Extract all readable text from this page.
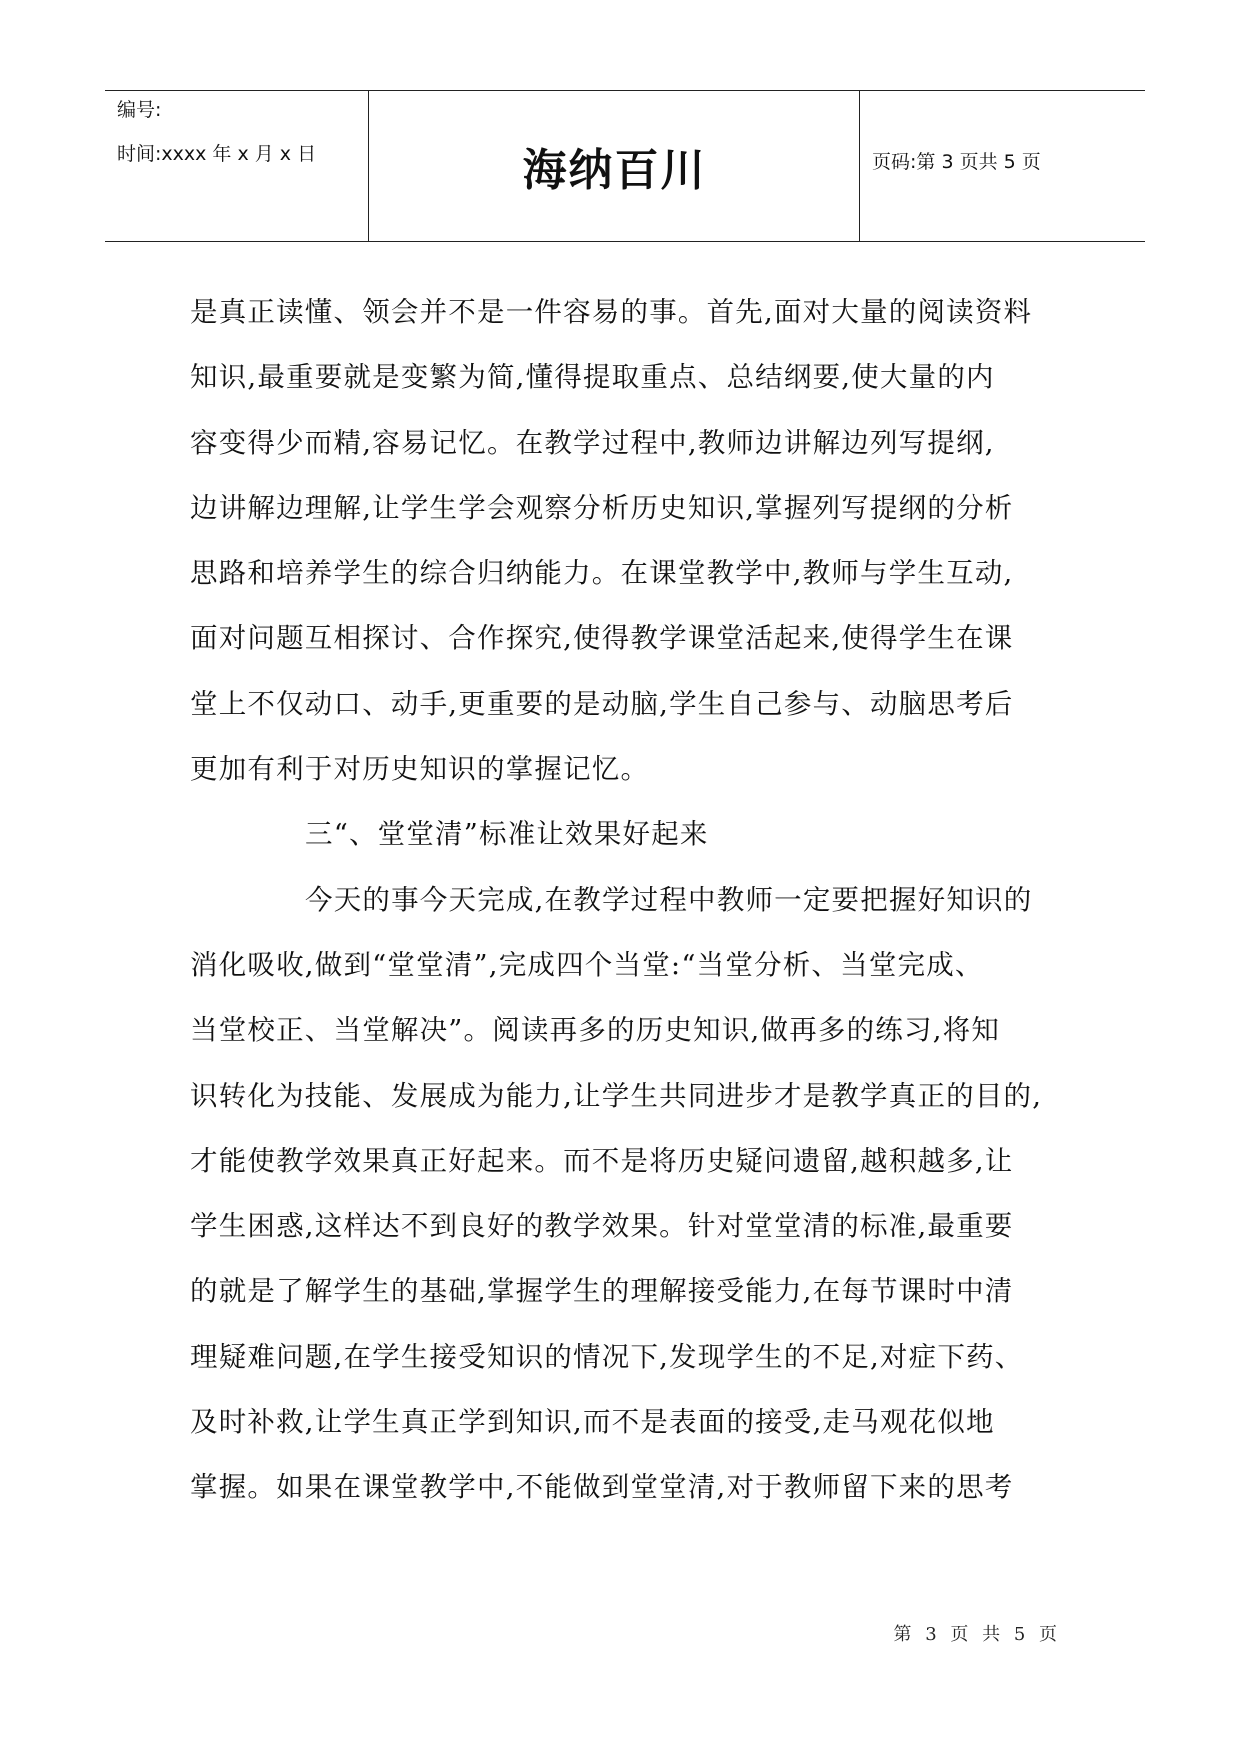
编号:
时间:xxxx 年 x 月 x 日	海纳百川	页码:第 3 页共 5 页
是真正读懂、领会并不是一件容易的事。首先,面对大量的阅读资料
知识,最重要就是变繁为简,懂得提取重点、总结纲要,使大量的内
容变得少而精,容易记忆。在教学过程中,教师边讲解边列写提纲,
边讲解边理解,让学生学会观察分析历史知识,掌握列写提纲的分析
思路和培养学生的综合归纳能力。在课堂教学中,教师与学生互动,
面对问题互相探讨、合作探究,使得教学课堂活起来,使得学生在课
堂上不仅动口、动手,更重要的是动脑,学生自己参与、动脑思考后
更加有利于对历史知识的掌握记忆。
三“、堂堂清”标准让效果好起来
今天的事今天完成,在教学过程中教师一定要把握好知识的
消化吸收,做到“堂堂清”,完成四个当堂:“当堂分析、当堂完成、
当堂校正、当堂解决”。阅读再多的历史知识,做再多的练习,将知
识转化为技能、发展成为能力,让学生共同进步才是教学真正的目的,
才能使教学效果真正好起来。而不是将历史疑问遗留,越积越多,让
学生困惑,这样达不到良好的教学效果。针对堂堂清的标准,最重要
的就是了解学生的基础,掌握学生的理解接受能力,在每节课时中清
理疑难问题,在学生接受知识的情况下,发现学生的不足,对症下药、
及时补救,让学生真正学到知识,而不是表面的接受,走马观花似地
掌握。如果在课堂教学中,不能做到堂堂清,对于教师留下来的思考
第 3 页 共 5 页
